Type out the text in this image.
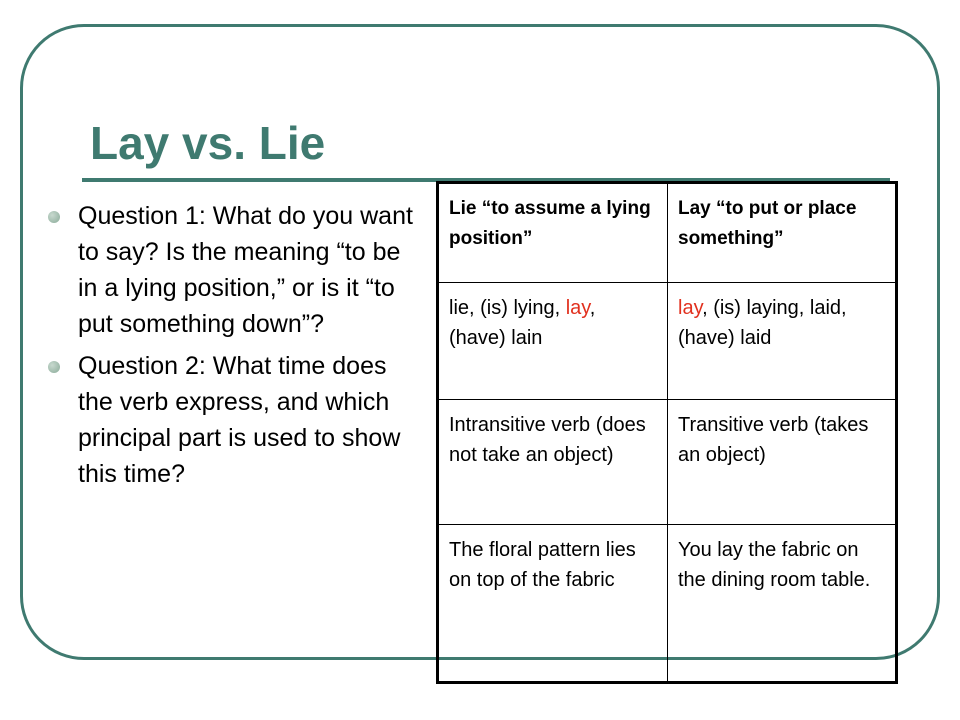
Lay vs. Lie
Question 1: What do you want to say? Is the meaning “to be in a lying position,” or is it “to put something down”?
Question 2: What time does the verb express, and which principal part is used to show this time?
Lie “to assume a lying position”	Lay “to put or place something”
lie, (is) lying, lay, (have) lain	lay, (is) laying, laid, (have) laid
Intransitive verb (does not take an object)	Transitive verb (takes an object)
The floral pattern lies on top of the fabric	You lay the fabric on the dining room table.
